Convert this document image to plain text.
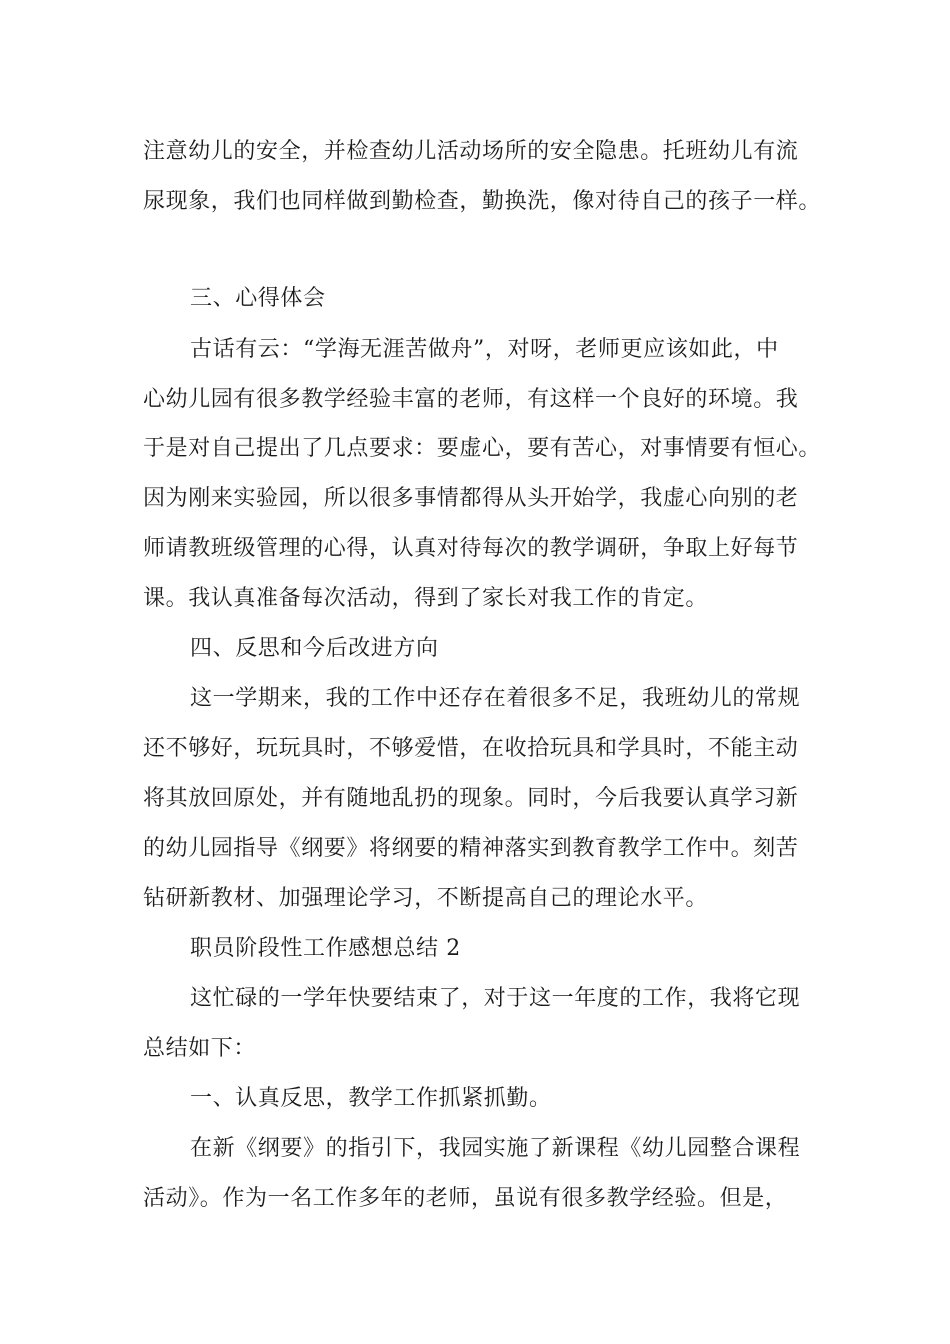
注意幼儿的安全，并检查幼儿活动场所的安全隐患。托班幼儿有流
尿现象，我们也同样做到勤检查，勤换洗，像对待自己的孩子一样。
三、心得体会
古话有云：“学海无涯苦做舟”，对呀，老师更应该如此，中
心幼儿园有很多教学经验丰富的老师，有这样一个良好的环境。我
于是对自己提出了几点要求：要虚心，要有苦心，对事情要有恒心。
因为刚来实验园，所以很多事情都得从头开始学，我虚心向别的老
师请教班级管理的心得，认真对待每次的教学调研，争取上好每节
课。我认真准备每次活动，得到了家长对我工作的肯定。
四、反思和今后改进方向
这一学期来，我的工作中还存在着很多不足，我班幼儿的常规
还不够好，玩玩具时，不够爱惜，在收拾玩具和学具时，不能主动
将其放回原处，并有随地乱扔的现象。同时，今后我要认真学习新
的幼儿园指导《纲要》将纲要的精神落实到教育教学工作中。刻苦
钻研新教材、加强理论学习，不断提高自己的理论水平。
职员阶段性工作感想总结 2
这忙碌的一学年快要结束了，对于这一年度的工作，我将它现
总结如下：
一、认真反思，教学工作抓紧抓勤。
在新《纲要》的指引下，我园实施了新课程《幼儿园整合课程
活动》。作为一名工作多年的老师，虽说有很多教学经验。但是，
